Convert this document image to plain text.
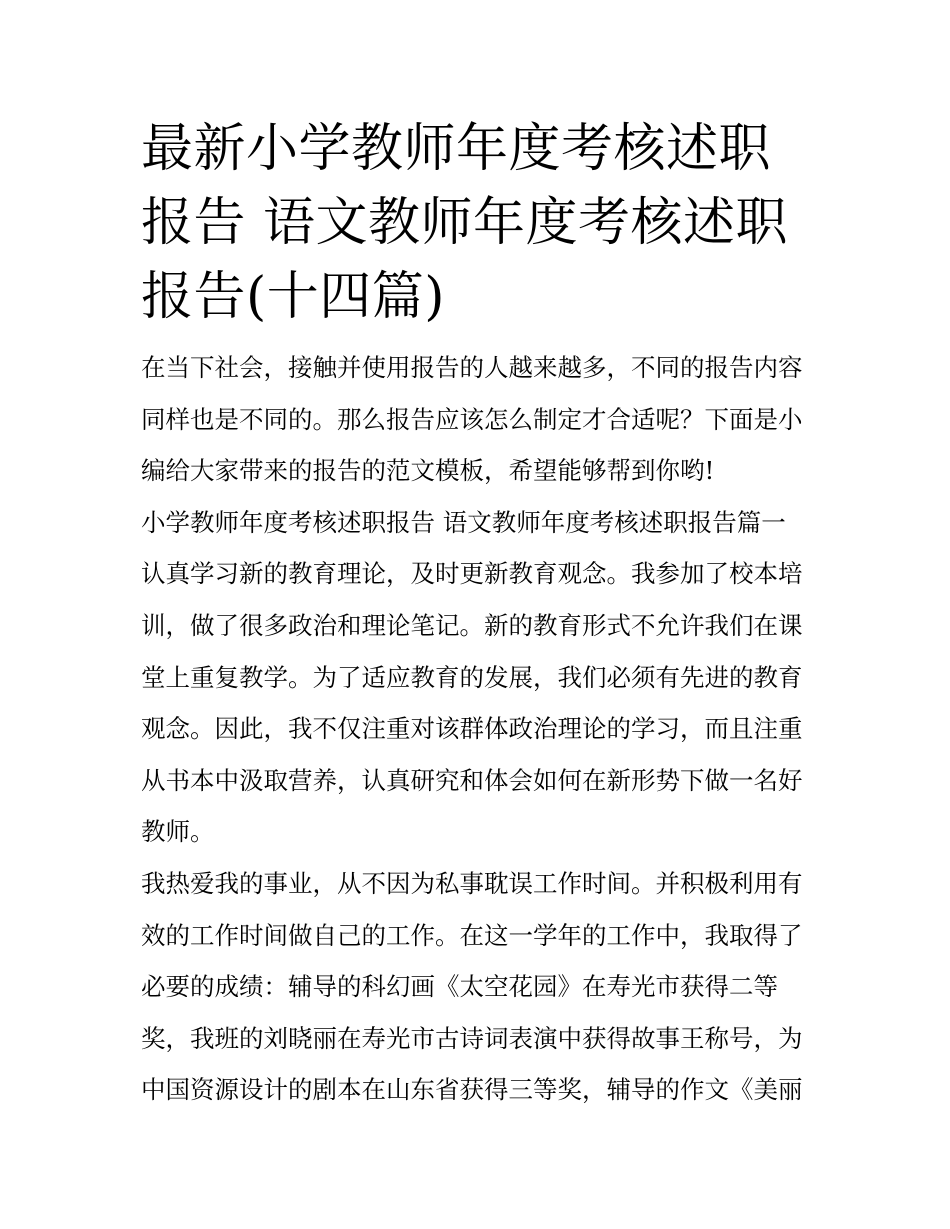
最新小学教师年度考核述职报告 语文教师年度考核述职报告(十四篇)

在当下社会，接触并使用报告的人越来越多，不同的报告内容同样也是不同的。那么报告应该怎么制定才合适呢？下面是小编给大家带来的报告的范文模板，希望能够帮到你哟!

小学教师年度考核述职报告 语文教师年度考核述职报告篇一

认真学习新的教育理论，及时更新教育观念。我参加了校本培训，做了很多政治和理论笔记。新的教育形式不允许我们在课堂上重复教学。为了适应教育的发展，我们必须有先进的教育观念。因此，我不仅注重对该群体政治理论的学习，而且注重从书本中汲取营养，认真研究和体会如何在新形势下做一名好教师。

我热爱我的事业，从不因为私事耽误工作时间。并积极利用有效的工作时间做自己的工作。在这一学年的工作中，我取得了必要的成绩：辅导的科幻画《太空花园》在寿光市获得二等奖，我班的刘晓丽在寿光市古诗词表演中获得故事王称号，为中国资源设计的剧本在山东省获得三等奖，辅导的作文《美丽
